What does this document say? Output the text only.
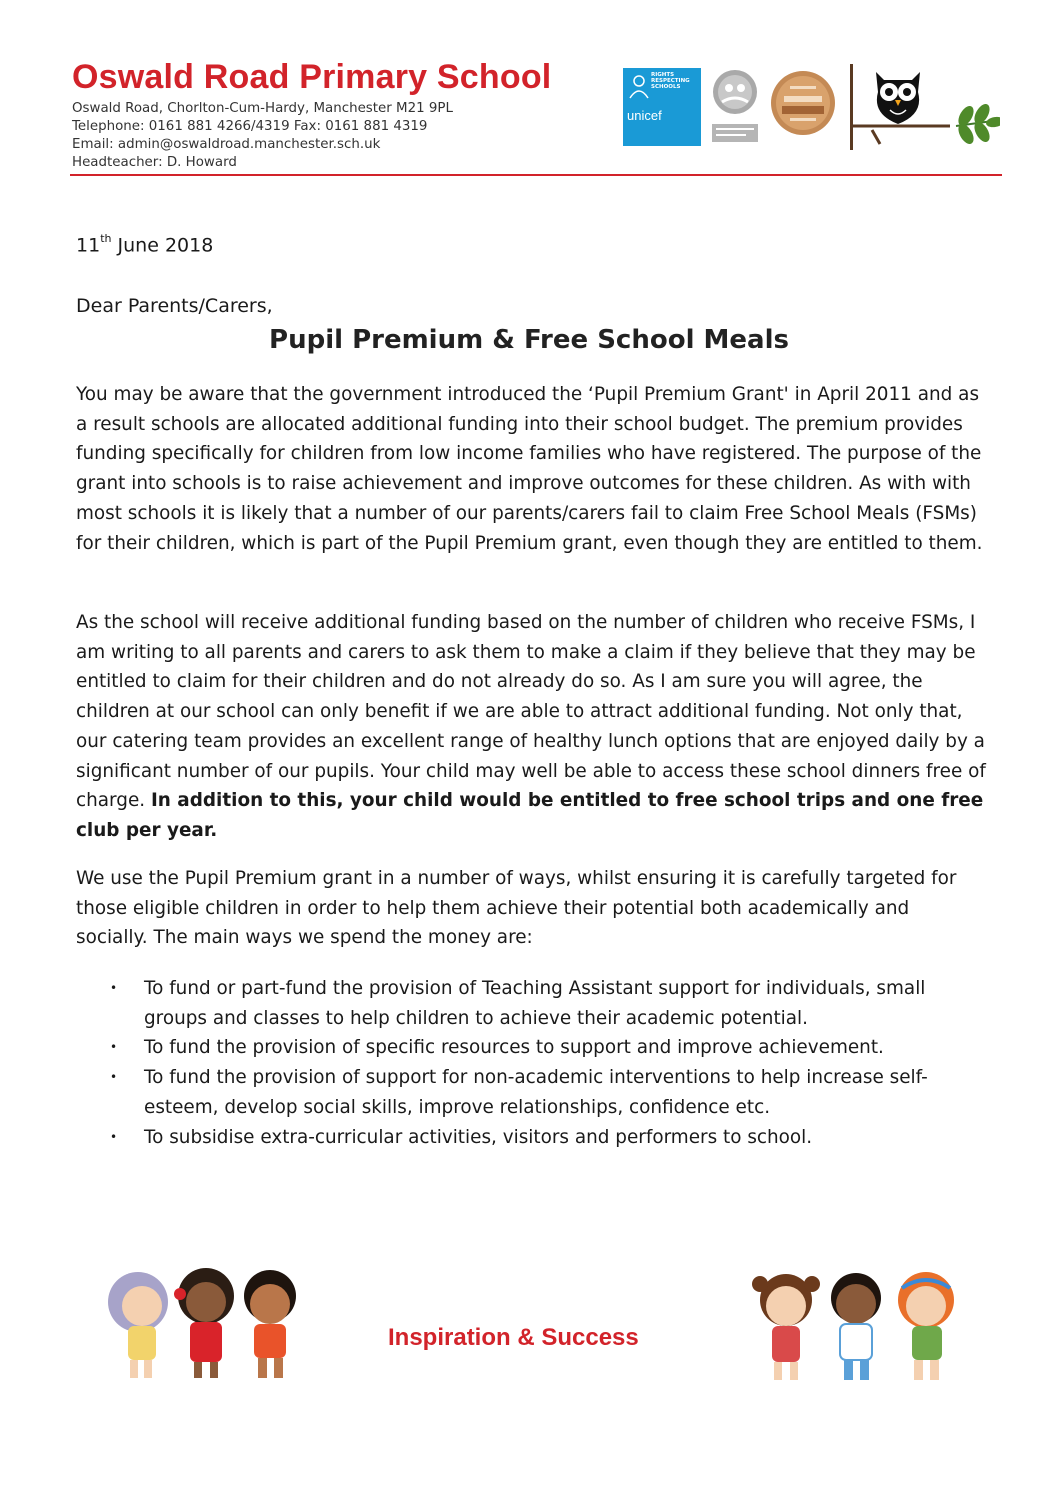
Oswald Road Primary School
Oswald Road, Chorlton-Cum-Hardy, Manchester M21 9PL
Telephone: 0161 881 4266/4319 Fax: 0161 881 4319
Email: admin@oswaldroad.manchester.sch.uk
Headteacher: D. Howard
RIGHTS
RESPECTING
SCHOOLS
unicef
11th June 2018
Dear Parents/Carers,
Pupil Premium & Free School Meals

You may be aware that the government introduced the ‘Pupil Premium Grant' in April 2011 and as a result schools are allocated additional funding into their school budget. The premium provides funding specifically for children from low income families who have registered. The purpose of the grant into schools is to raise achievement and improve outcomes for these children. As with with most schools it is likely that a number of our parents/carers fail to claim Free School Meals (FSMs) for their children, which is part of the Pupil Premium grant, even though they are entitled to them.

As the school will receive additional funding based on the number of children who receive FSMs, I am writing to all parents and carers to ask them to make a claim if they believe that they may be entitled to claim for their children and do not already do so. As I am sure you will agree, the children at our school can only benefit if we are able to attract additional funding. Not only that, our catering team provides an excellent range of healthy lunch options that are enjoyed daily by a significant number of our pupils. Your child may well be able to access these school dinners free of charge. In addition to this, your child would be entitled to free school trips and one free club per year.

We use the Pupil Premium grant in a number of ways, whilst ensuring it is carefully targeted for those eligible children in order to help them achieve their potential both academically and socially. The main ways we spend the money are:

• To fund or part-fund the provision of Teaching Assistant support for individuals, small groups and classes to help children to achieve their academic potential.
• To fund the provision of specific resources to support and improve achievement.
• To fund the provision of support for non-academic interventions to help increase self-esteem, develop social skills, improve relationships, confidence etc.
• To subsidise extra-curricular activities, visitors and performers to school.
Inspiration & Success
